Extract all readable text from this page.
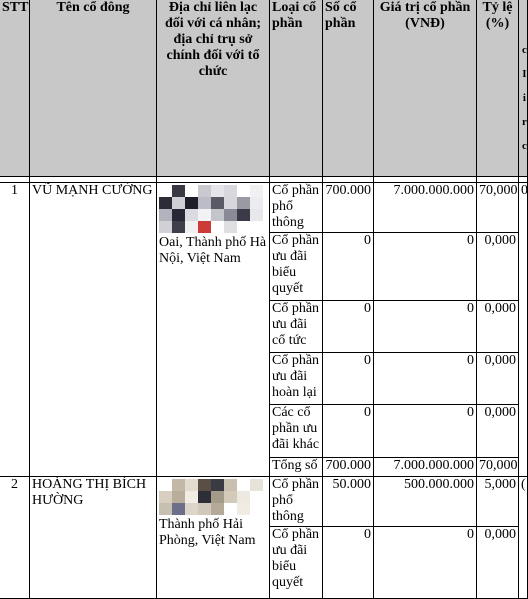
STT	Tên cổ đông	Địa chỉ liên lạc đối với cá nhân; địa chỉ trụ sở chính đối với tổ chức	Loại cổ phần	Số cổ phần	Giá trị cổ phần (VNĐ)	Tỷ lệ (%)	c
I
i
r
c

1	VŨ MẠNH CƯỜNG	Oai, Thành phố Hà Nội, Việt Nam	Cổ phần phổ thông	700.000	7.000.000.000	70,000	0
			Cổ phần ưu đãi biểu quyết	0	0	0,000	
			Cổ phần ưu đãi cổ tức	0	0	0,000	
			Cổ phần ưu đãi hoàn lại	0	0	0,000	
			Các cổ phần ưu đãi khác	0	0	0,000	
			Tổng số	700.000	7.000.000.000	70,000	
2	HOÀNG THỊ BÍCH HƯỜNG	Thành phố Hải Phòng, Việt Nam	Cổ phần phổ thông	50.000	500.000.000	5,000	(
			Cổ phần ưu đãi biểu quyết	0	0	0,000	
